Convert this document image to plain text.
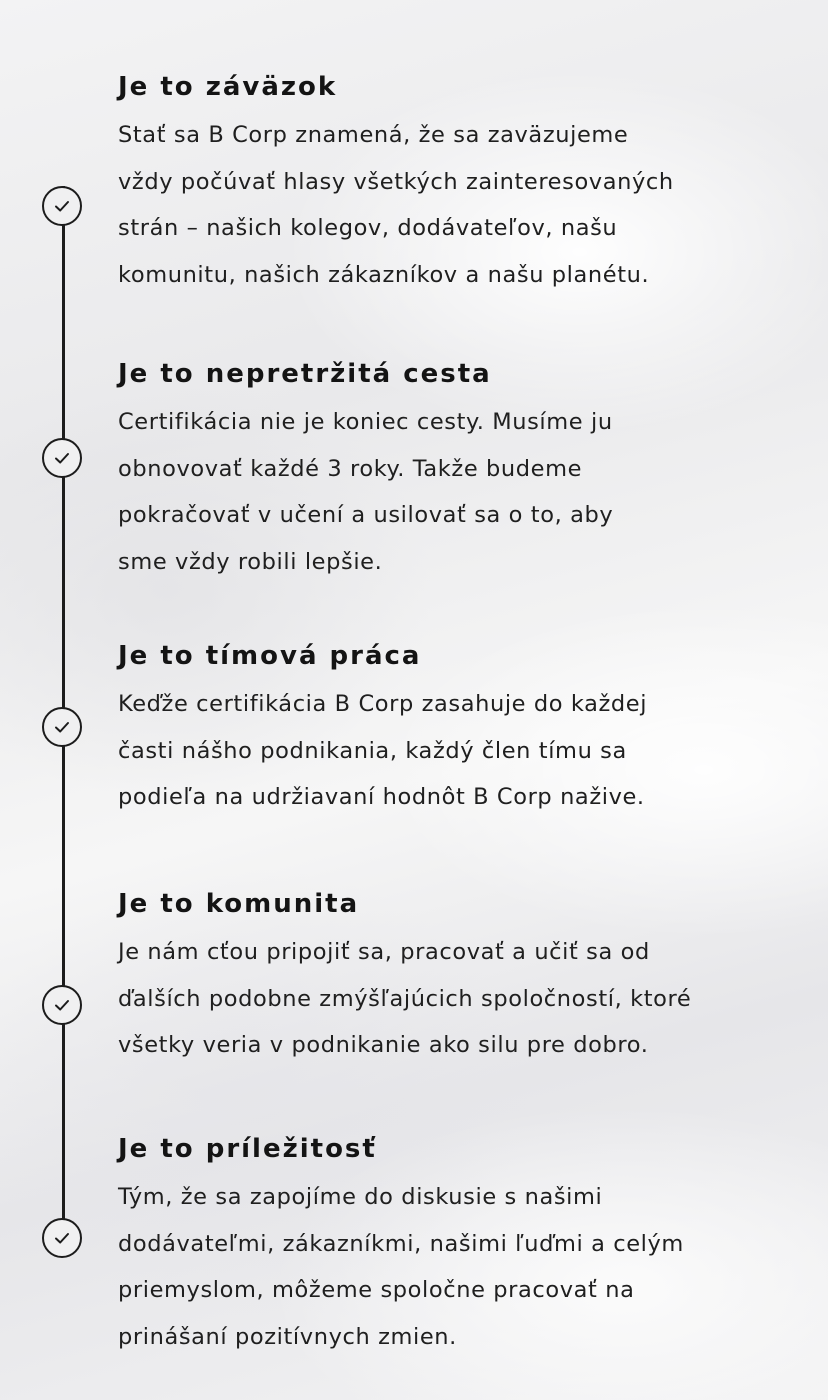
Je to záväzok

Stať sa B Corp znamená, že sa zaväzujeme
vždy počúvať hlasy všetkých zainteresovaných
strán – našich kolegov, dodávateľov, našu
komunitu, našich zákazníkov a našu planétu.

Je to nepretržitá cesta

Certifikácia nie je koniec cesty. Musíme ju
obnovovať každé 3 roky. Takže budeme
pokračovať v učení a usilovať sa o to, aby
sme vždy robili lepšie.

Je to tímová práca

Keďže certifikácia B Corp zasahuje do každej
časti nášho podnikania, každý člen tímu sa
podieľa na udržiavaní hodnôt B Corp nažive.

Je to komunita

Je nám cťou pripojiť sa, pracovať a učiť sa od
ďalších podobne zmýšľajúcich spoločností, ktoré
všetky veria v podnikanie ako silu pre dobro.

Je to príležitosť

Tým, že sa zapojíme do diskusie s našimi
dodávateľmi, zákazníkmi, našimi ľuďmi a celým
priemyslom, môžeme spoločne pracovať na
prinášaní pozitívnych zmien.
